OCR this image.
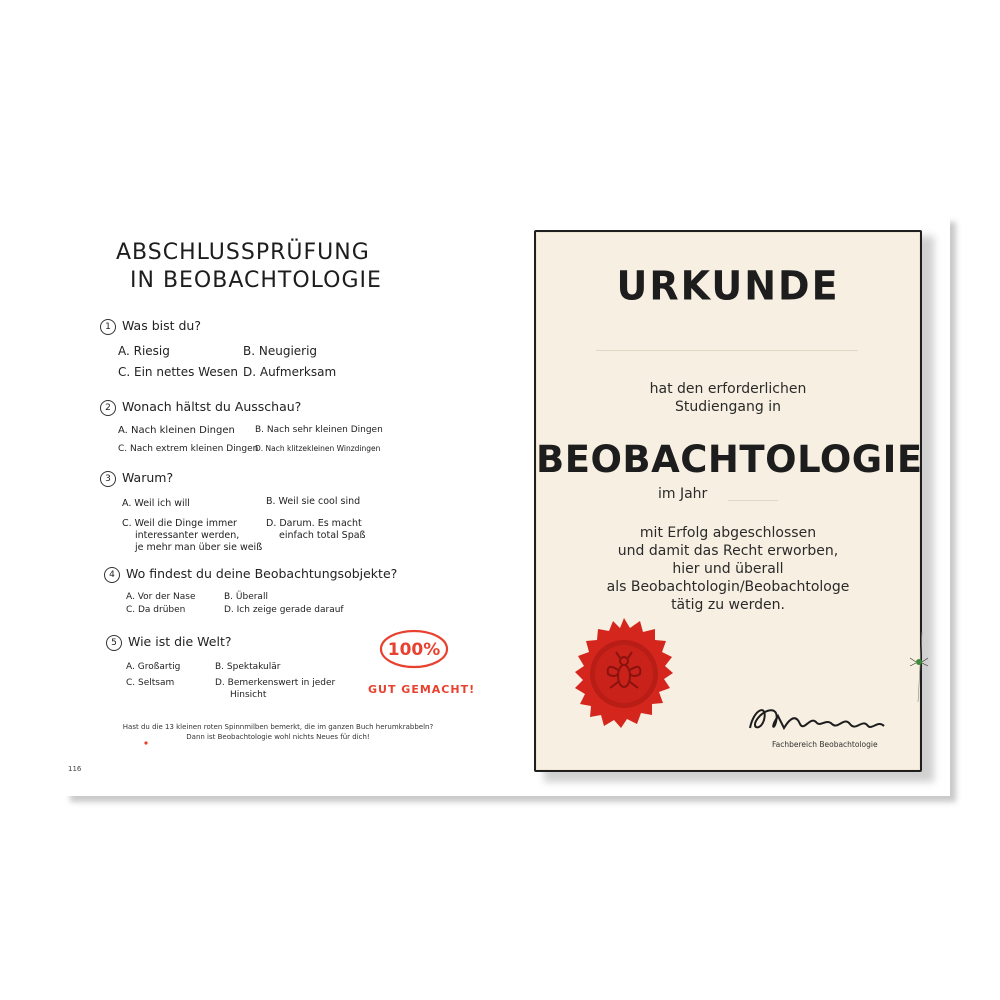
ABSCHLUSSPRÜFUNG
IN BEOBACHTOLOGIE
1 Was bist du?
A. Riesig	B. Neugierig
C. Ein nettes Wesen D. Aufmerksam
2 Wonach hältst du Ausschau?
A. Nach kleinen Dingen B. Nach sehr kleinen Dingen
C. Nach extrem kleinen Dingen
D. Nach klitzekleinen Winzdingen
3 Warum?
A. Weil ich will	B. Weil sie cool sind
C. Weil die Dinge immer
interessanter werden,
je mehr man über sie weiß
D. Darum. Es macht
einfach total Spaß
4 Wo findest du deine Beobachtungsobjekte?
A. Vor der Nase	B. Überall
C. Da drüben	D. Ich zeige gerade darauf
5 Wie ist die Welt?
A. Großartig	B. Spektakulär
C. Seltsam	D. Bemerkenswert in jeder
Hinsicht
100%
GUT GEMACHT!
Hast du die 13 kleinen roten Spinnmilben bemerkt, die im ganzen Buch herumkrabbeln?
Dann ist Beobachtologie wohl nichts Neues für dich!
116
URKUNDE
hat den erforderlichen
Studiengang in
BEOBACHTOLOGIE
im Jahr
mit Erfolg abgeschlossen
und damit das Recht erworben,
hier und überall
als Beobachtologin/Beobachtologe
tätig zu werden.
Fachbereich Beobachtologie
